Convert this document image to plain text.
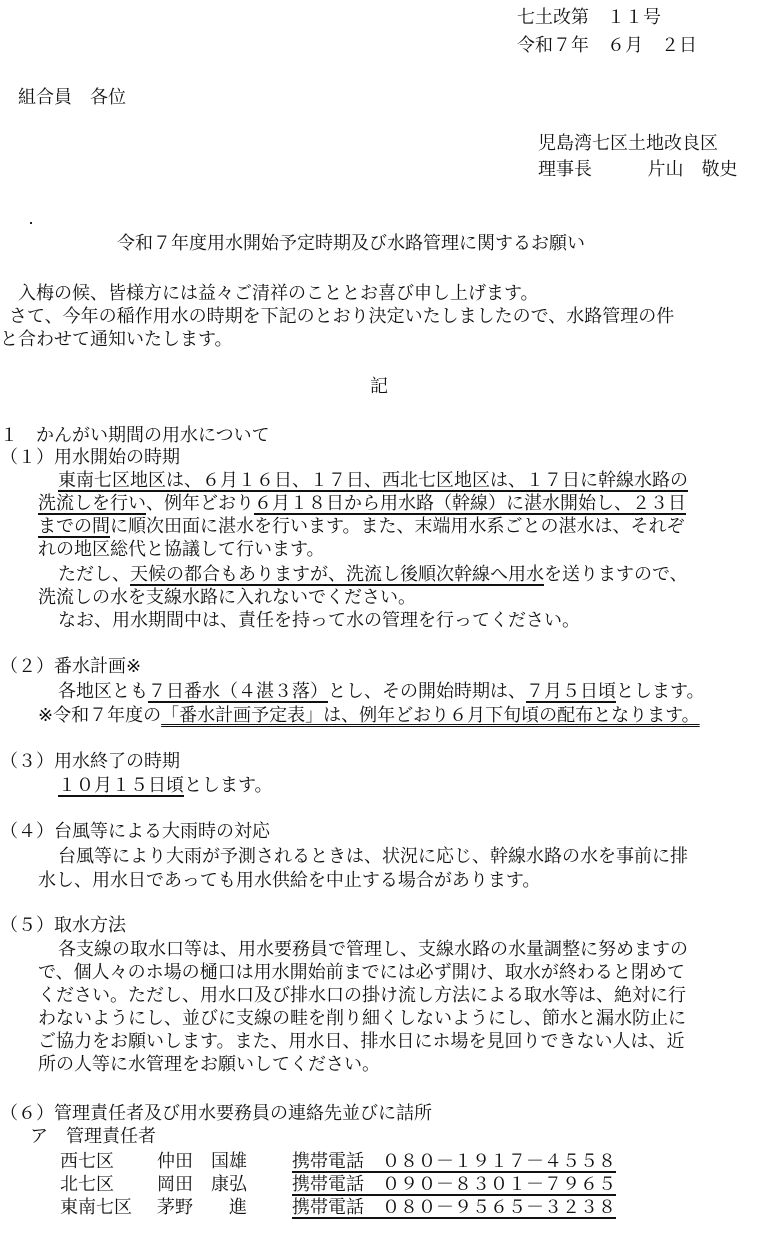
七土改第　１１号
令和７年　６月　２日
組合員　各位
児島湾七区土地改良区
理事長	片山　敬史
令和７年度用水開始予定時期及び水路管理に関するお願い
入梅の候、皆様方には益々ご清祥のこととお喜び申し上げます。
さて、今年の稲作用水の時期を下記のとおり決定いたしましたので、水路管理の件
と合わせて通知いたします。
記
１　かんがい期間の用水について
（１）用水開始の時期
東南七区地区は、６月１６日、１７日、西北七区地区は、１７日に幹線水路の
洗流しを行い、例年どおり６月１８日から用水路（幹線）に湛水開始し、２３日
までの間に順次田面に湛水を行います。また、末端用水系ごとの湛水は、それぞ
れの地区総代と協議して行います。
ただし、天候の都合もありますが、洗流し後順次幹線へ用水を送りますので、
洗流しの水を支線水路に入れないでください。
なお、用水期間中は、責任を持って水の管理を行ってください。
（２）番水計画※
各地区とも７日番水（４湛３落）とし、その開始時期は、７月５日頃とします。
※令和７年度の「番水計画予定表」は、例年どおり６月下旬頃の配布となります。
（３）用水終了の時期
１０月１５日頃とします。
（４）台風等による大雨時の対応
台風等により大雨が予測されるときは、状況に応じ、幹線水路の水を事前に排
水し、用水日であっても用水供給を中止する場合があります。
（５）取水方法
各支線の取水口等は、用水要務員で管理し、支線水路の水量調整に努めますの
で、個人々のホ場の樋口は用水開始前までには必ず開け、取水が終わると閉めて
ください。ただし、用水口及び排水口の掛け流し方法による取水等は、絶対に行
わないようにし、並びに支線の畦を削り細くしないようにし、節水と漏水防止に
ご協力をお願いします。また、用水日、排水日にホ場を見回りできない人は、近
所の人等に水管理をお願いしてください。
（６）管理責任者及び用水要務員の連絡先並びに詰所
ア　管理責任者
西七区 仲田　国雄	携帯電話　０８０－１９１７－４５５８
北七区 岡田　康弘	携帯電話　０９０－８３０１－７９６５
東南七区 茅野　　進	携帯電話　０８０－９５６５－３２３８
